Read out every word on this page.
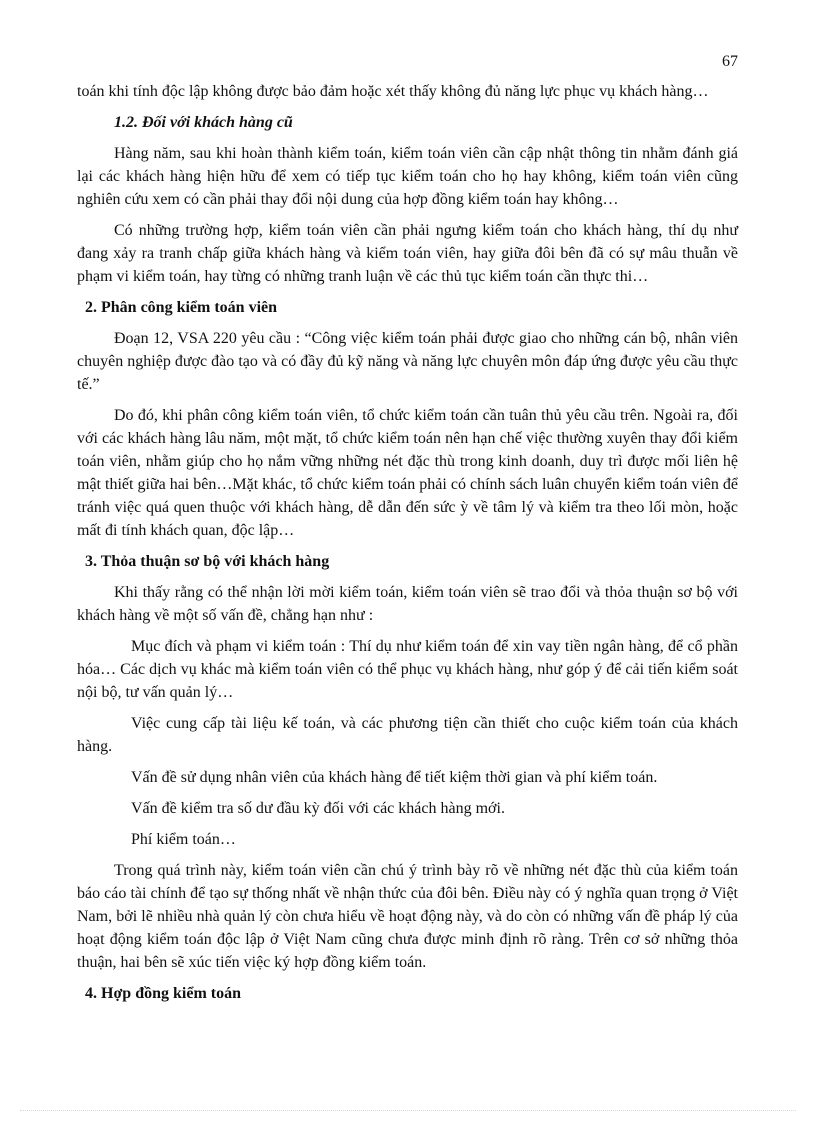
67

toán khi tính độc lập không được bảo đảm hoặc xét thấy không đủ năng lực phục vụ khách hàng…

1.2. Đối với khách hàng cũ

Hàng năm, sau khi hoàn thành kiểm toán, kiểm toán viên cần cập nhật thông tin nhằm đánh giá lại các khách hàng hiện hữu để xem có tiếp tục kiểm toán cho họ hay không, kiểm toán viên cũng nghiên cứu xem có cần phải thay đổi nội dung của hợp đồng kiểm toán hay không…

Có những trường hợp, kiểm toán viên cần phải ngưng kiểm toán cho khách hàng, thí dụ như đang xảy ra tranh chấp giữa khách hàng và kiểm toán viên, hay giữa đôi bên đã có sự mâu thuẫn về phạm vi kiểm toán, hay từng có những tranh luận về các thủ tục kiểm toán cần thực thi…

2. Phân công kiểm toán viên

Đoạn 12, VSA 220 yêu cầu : “Công việc kiểm toán phải được giao cho những cán bộ, nhân viên chuyên nghiệp được đào tạo và có đầy đủ kỹ năng và năng lực chuyên môn đáp ứng được yêu cầu thực tế.”

Do đó, khi phân công kiểm toán viên, tổ chức kiểm toán cần tuân thủ yêu cầu trên. Ngoài ra, đối với các khách hàng lâu năm, một mặt, tổ chức kiểm toán nên hạn chế việc thường xuyên thay đổi kiểm toán viên, nhằm giúp cho họ nắm vững những nét đặc thù trong kinh doanh, duy trì được mối liên hệ mật thiết giữa hai bên…Mặt khác, tổ chức kiểm toán phải có chính sách luân chuyển kiểm toán viên để tránh việc quá quen thuộc với khách hàng, dễ dẫn đến sức ỳ về tâm lý và kiểm tra theo lối mòn, hoặc mất đi tính khách quan, độc lập…

3. Thỏa thuận sơ bộ với khách hàng

Khi thấy rằng có thể nhận lời mời kiểm toán, kiểm toán viên sẽ trao đổi và thỏa thuận sơ bộ với khách hàng về một số vấn đề, chẳng hạn như :

Mục đích và phạm vi kiểm toán : Thí dụ như kiểm toán để xin vay tiền ngân hàng, để cổ phần hóa… Các dịch vụ khác mà kiểm toán viên có thể phục vụ khách hàng, như góp ý để cải tiến kiểm soát nội bộ, tư vấn quản lý…

Việc cung cấp tài liệu kế toán, và các phương tiện cần thiết cho cuộc kiểm toán của khách hàng.

Vấn đề sử dụng nhân viên của khách hàng để tiết kiệm thời gian và phí kiểm toán.

Vấn đề kiểm tra số dư đầu kỳ đối với các khách hàng mới.

Phí kiểm toán…

Trong quá trình này, kiểm toán viên cần chú ý trình bày rõ về những nét đặc thù của kiểm toán báo cáo tài chính để tạo sự thống nhất về nhận thức của đôi bên. Điều này có ý nghĩa quan trọng ở Việt Nam, bởi lẽ nhiều nhà quản lý còn chưa hiểu về hoạt động này, và do còn có những vấn đề pháp lý của hoạt động kiểm toán độc lập ở Việt Nam cũng chưa được minh định rõ ràng. Trên cơ sở những thỏa thuận, hai bên sẽ xúc tiến việc ký hợp đồng kiểm toán.

4. Hợp đồng kiểm toán
